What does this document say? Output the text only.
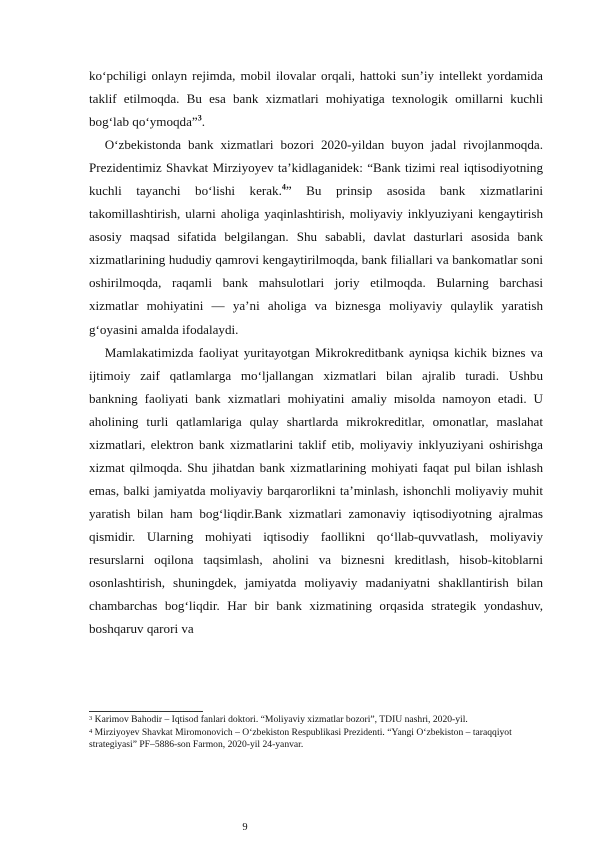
ko‘pchiligi onlayn rejimda, mobil ilovalar orqali, hattoki sun’iy intellekt yordamida taklif etilmoqda. Bu esa bank xizmatlari mohiyatiga texnologik omillarni kuchli bog‘lab qo‘ymoqda”$^3$.

O‘zbekistonda bank xizmatlari bozori 2020-yildan buyon jadal rivojlanmoqda. Prezidentimiz Shavkat Mirziyoyev ta’kidlaganidek: “Bank tizimi real iqtisodiyotning kuchli tayanchi bo‘lishi kerak.$^4$” Bu prinsip asosida bank xizmatlarini takomillashtirish, ularni aholiga yaqinlashtirish, moliyaviy inklyuziyani kengaytirish asosiy maqsad sifatida belgilangan. Shu sababli, davlat dasturlari asosida bank xizmatlarining hududiy qamrovi kengaytirilmoqda, bank filiallari va bankomatlar soni oshirilmoqda, raqamli bank mahsulotlari joriy etilmoqda. Bularning barchasi xizmatlar mohiyatini — ya’ni aholiga va biznesga moliyaviy qulaylik yaratish g‘oyasini amalda ifodalaydi.

Mamlakatimizda faoliyat yuritayotgan Mikrokreditbank ayniqsa kichik biznes va ijtimoiy zaif qatlamlarga mo‘ljallangan xizmatlari bilan ajralib turadi. Ushbu bankning faoliyati bank xizmatlari mohiyatini amaliy misolda namoyon etadi. U aholining turli qatlamlariga qulay shartlarda mikrokreditlar, omonatlar, maslahat xizmatlari, elektron bank xizmatlarini taklif etib, moliyaviy inklyuziyani oshirishga xizmat qilmoqda. Shu jihatdan bank xizmatlarining mohiyati faqat pul bilan ishlash emas, balki jamiyatda moliyaviy barqarorlikni ta’minlash, ishonchli moliyaviy muhit yaratish bilan ham bog‘liqdir.Bank xizmatlari zamonaviy iqtisodiyotning ajralmas qismidir. Ularning mohiyati iqtisodiy faollikni qo‘llab-quvvatlash, moliyaviy resurslarni oqilona taqsimlash, aholini va biznesni kreditlash, hisob-kitoblarni osonlashtirish, shuningdek, jamiyatda moliyaviy madaniyatni shakllantirish bilan chambarchas bog‘liqdir. Har bir bank xizmatining orqasida strategik yondashuv, boshqaruv qarori va

$^3$ Karimov Bahodir – Iqtisod fanlari doktori. “Moliyaviy xizmatlar bozori”, TDIU nashri, 2020-yil.

$^4$ Mirziyoyev Shavkat Miromonovich – O‘zbekiston Respublikasi Prezidenti. “Yangi O‘zbekiston – taraqqiyot strategiyasi” PF–5886-son Farmon, 2020-yil 24-yanvar.

9
